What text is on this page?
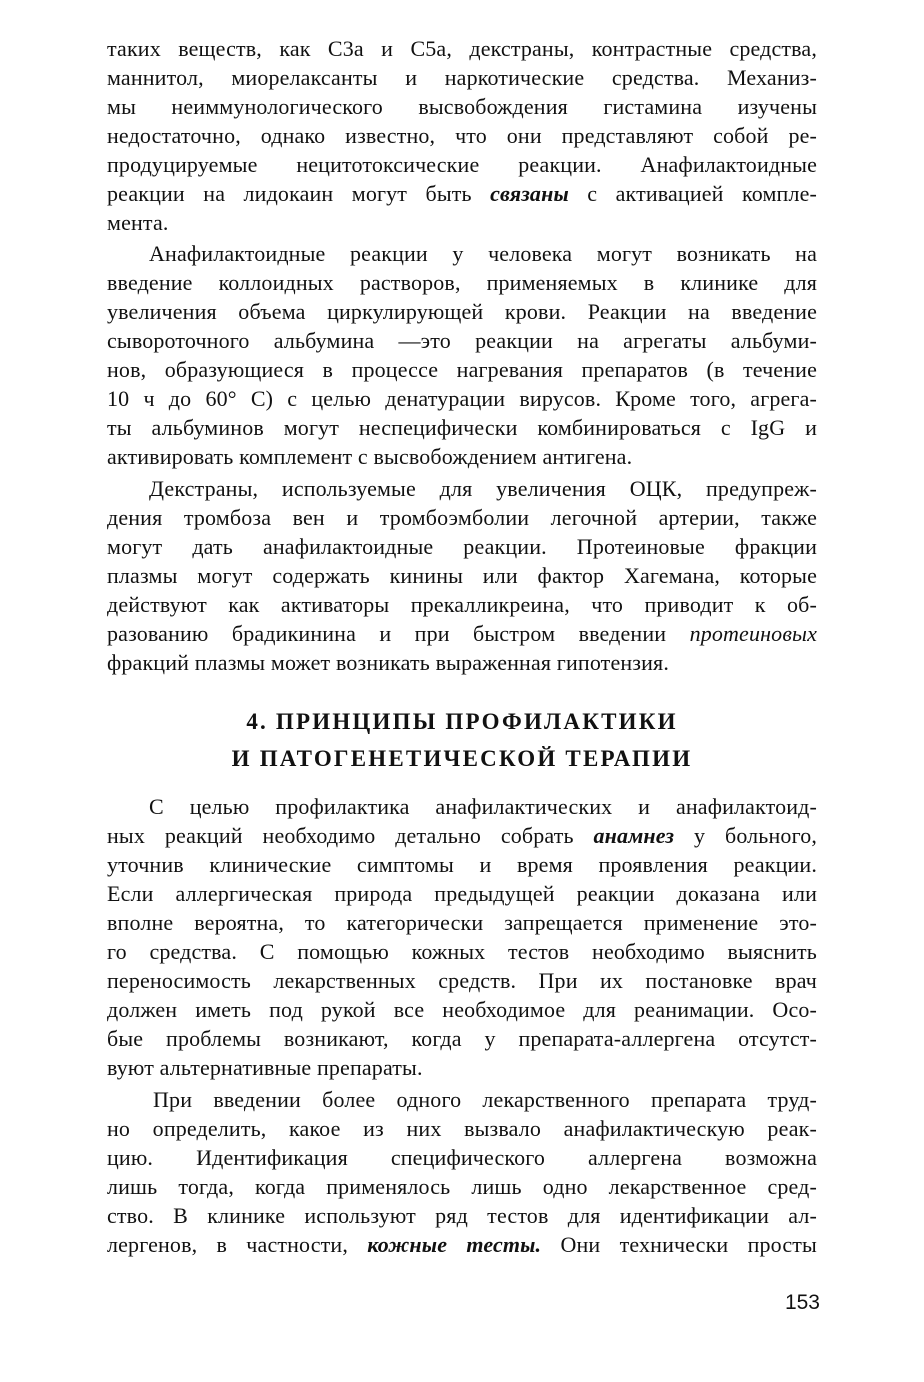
таких веществ, как С3а и С5а, декстраны, контрастные средства,
маннитол, миорелаксанты и наркотические средства. Механиз-
мы неиммунологического высвобождения гистамина изучены
недостаточно, однако известно, что они представляют собой ре-
продуцируемые нецитотоксические реакции. Анафилактоидные
реакции на лидокаин могут быть связаны с активацией компле-
мента.
Анафилактоидные реакции у человека могут возникать на
введение коллоидных растворов, применяемых в клинике для
увеличения объема циркулирующей крови. Реакции на введение
сывороточного альбумина —это реакции на агрегаты альбуми-
нов, образующиеся в процессе нагревания препаратов (в течение
10 ч до 60° С) с целью денатурации вирусов. Кроме того, агрега-
ты альбуминов могут неспецифически комбинироваться с IgG и
активировать комплемент с высвобождением антигена.
Декстраны, используемые для увеличения ОЦК, предупреж-
дения тромбоза вен и тромбоэмболии легочной артерии, также
могут дать анафилактоидные реакции. Протеиновые фракции
плазмы могут содержать кинины или фактор Хагемана, которые
действуют как активаторы прекалликреина, что приводит к об-
разованию брадикинина и при быстром введении протеиновых
фракций плазмы может возникать выраженная гипотензия.
4. ПРИНЦИПЫ ПРОФИЛАКТИКИ
И ПАТОГЕНЕТИЧЕСКОЙ ТЕРАПИИ
С целью профилактика анафилактических и анафилактоид-
ных реакций необходимо детально собрать анамнез у больного,
уточнив клинические симптомы и время проявления реакции.
Если аллергическая природа предыдущей реакции доказана или
вполне вероятна, то категорически запрещается применение это-
го средства. С помощью кожных тестов необходимо выяснить
переносимость лекарственных средств. При их постановке врач
должен иметь под рукой все необходимое для реанимации. Осо-
бые проблемы возникают, когда у препарата-аллергена отсутст-
вуют альтернативные препараты.
При введении более одного лекарственного препарата труд-
но определить, какое из них вызвало анафилактическую реак-
цию. Идентификация специфического аллергена возможна
лишь тогда, когда применялось лишь одно лекарственное сред-
ство. В клинике используют ряд тестов для идентификации ал-
лергенов, в частности, кожные тесты. Они технически просты
153
